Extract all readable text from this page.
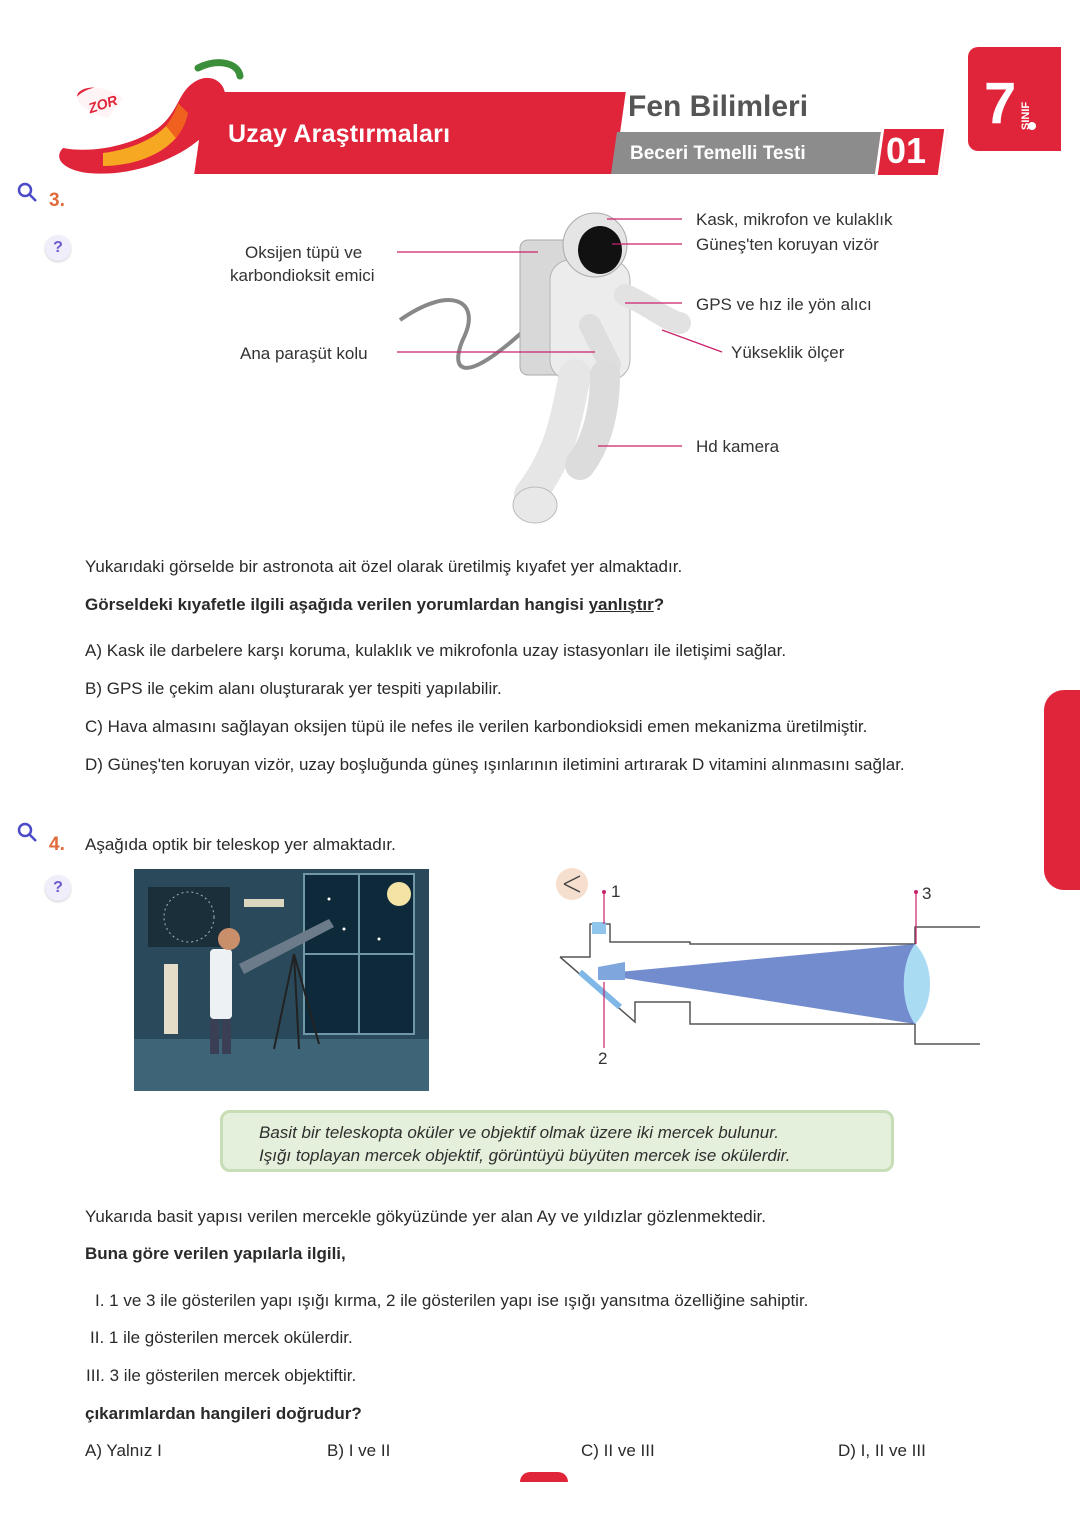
ZOR
Uzay Araştırmaları
Fen Bilimleri
Beceri Temelli Testi 01
7 SINIF
3.
?	Oksijen tüpü ve
karbondioksit emici
Ana paraşüt kolu
Kask, mikrofon ve kulaklık
Güneş'ten koruyan vizör
GPS ve hız ile yön alıcı
Yükseklik ölçer
Hd kamera
Yukarıdaki görselde bir astronota ait özel olarak üretilmiş kıyafet yer almaktadır.
Görseldeki kıyafetle ilgili aşağıda verilen yorumlardan hangisi yanlıştır?
A) Kask ile darbelere karşı koruma, kulaklık ve mikrofonla uzay istasyonları ile iletişimi sağlar.
B) GPS ile çekim alanı oluşturarak yer tespiti yapılabilir.
C) Hava almasını sağlayan oksijen tüpü ile nefes ile verilen karbondioksidi emen mekanizma üretilmiştir.
D) Güneş'ten koruyan vizör, uzay boşluğunda güneş ışınlarının iletimini artırarak D vitamini alınmasını sağlar.
4. Aşağıda optik bir teleskop yer almaktadır.
?	1
2
3
Basit bir teleskopta oküler ve objektif olmak üzere iki mercek bulunur.
Işığı toplayan mercek objektif, görüntüyü büyüten mercek ise okülerdir.
Yukarıda basit yapısı verilen mercekle gökyüzünde yer alan Ay ve yıldızlar gözlenmektedir.
Buna göre verilen yapılarla ilgili,
I. 1 ve 3 ile gösterilen yapı ışığı kırma, 2 ile gösterilen yapı ise ışığı yansıtma özelliğine sahiptir.
II. 1 ile gösterilen mercek okülerdir.
III. 3 ile gösterilen mercek objektiftir.
çıkarımlardan hangileri doğrudur?
A) Yalnız I	B) I ve II	C) II ve III	D) I, II ve III
